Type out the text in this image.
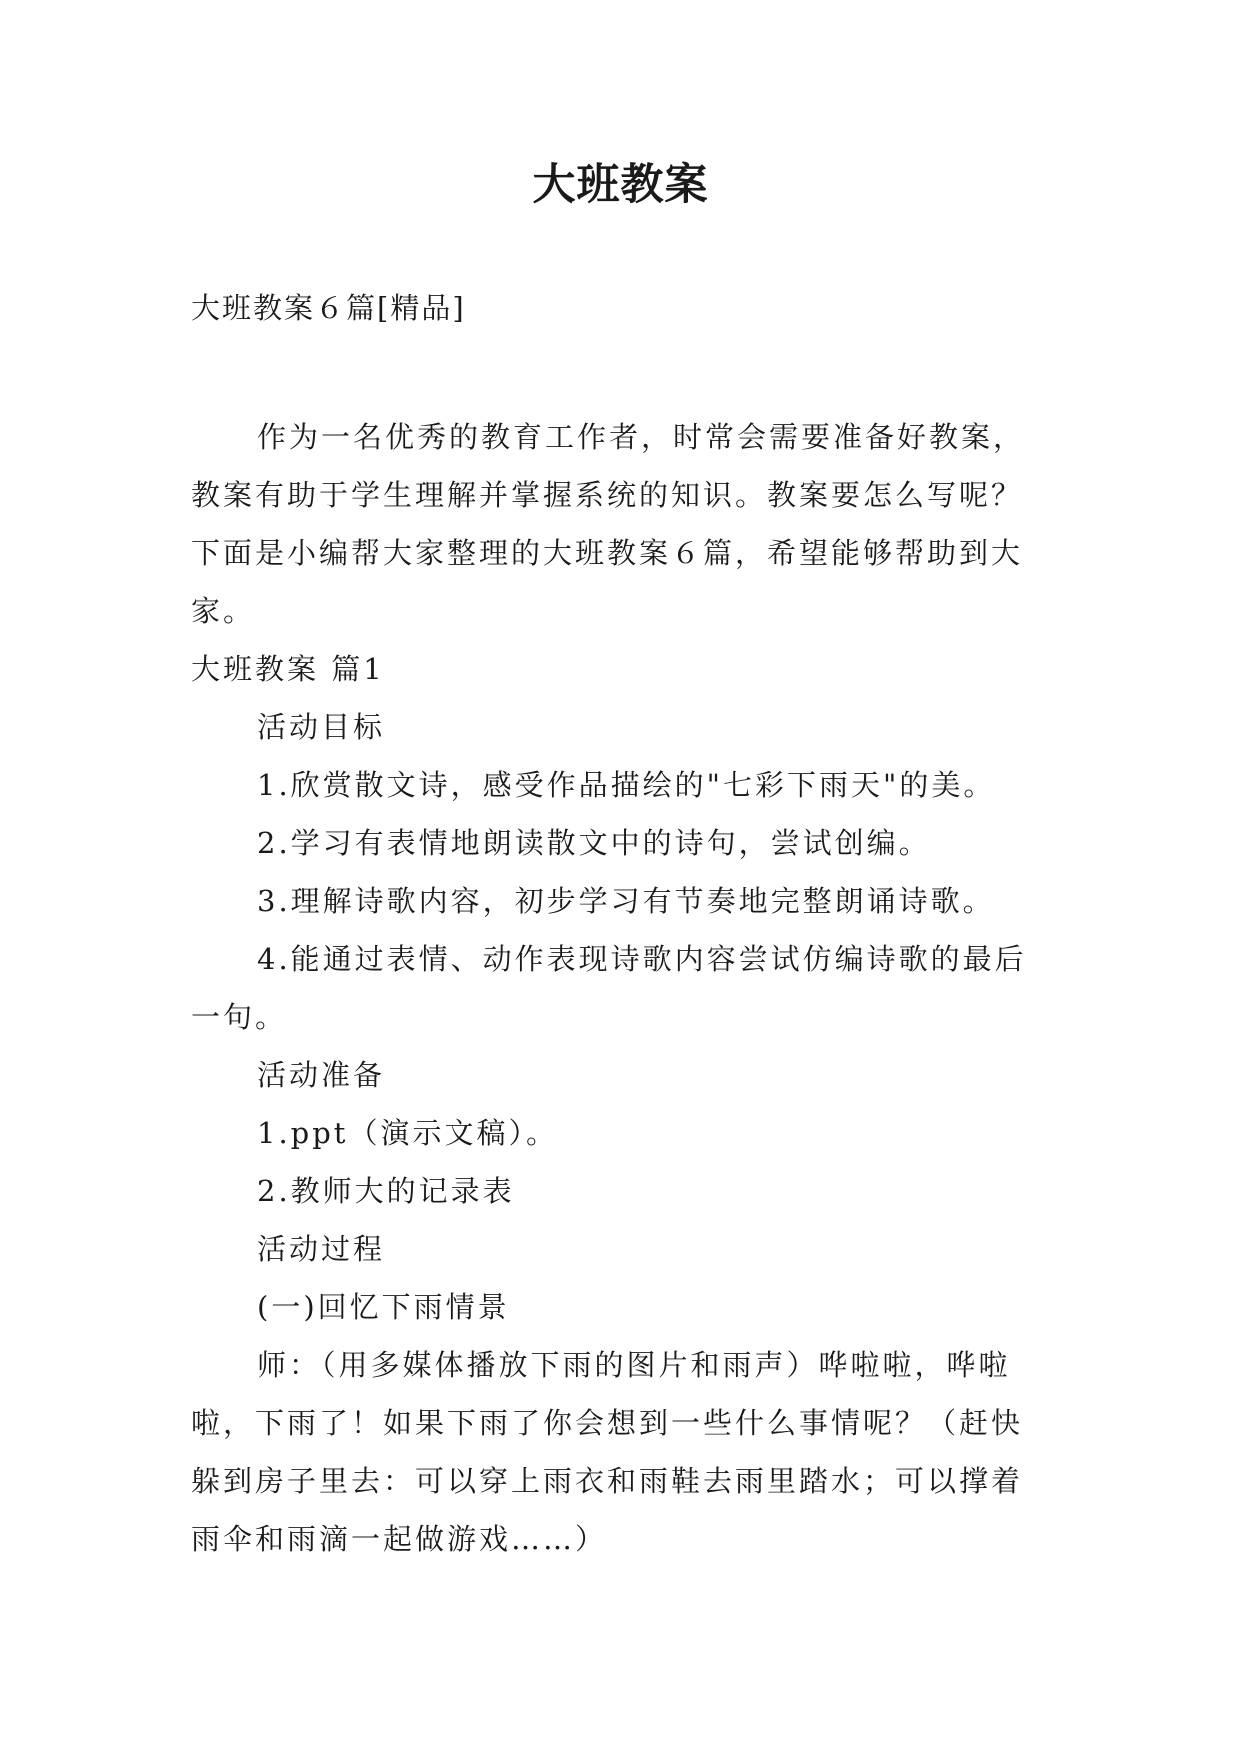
大班教案
大班教案６篇[精品]

作为一名优秀的教育工作者，时常会需要准备好教案，教案有助于学生理解并掌握系统的知识。教案要怎么写呢？下面是小编帮大家整理的大班教案６篇，希望能够帮助到大家。

大班教案 篇1

活动目标

1.欣赏散文诗，感受作品描绘的"七彩下雨天"的美。

2.学习有表情地朗读散文中的诗句，尝试创编。

3.理解诗歌内容，初步学习有节奏地完整朗诵诗歌。

4.能通过表情、动作表现诗歌内容尝试仿编诗歌的最后一句。

活动准备

1.ppt（演示文稿）。

2.教师大的记录表

活动过程

(一)回忆下雨情景

师：（用多媒体播放下雨的图片和雨声）哗啦啦，哗啦啦，下雨了！如果下雨了你会想到一些什么事情呢？（赶快躲到房子里去：可以穿上雨衣和雨鞋去雨里踏水；可以撑着雨伞和雨滴一起做游戏……）
